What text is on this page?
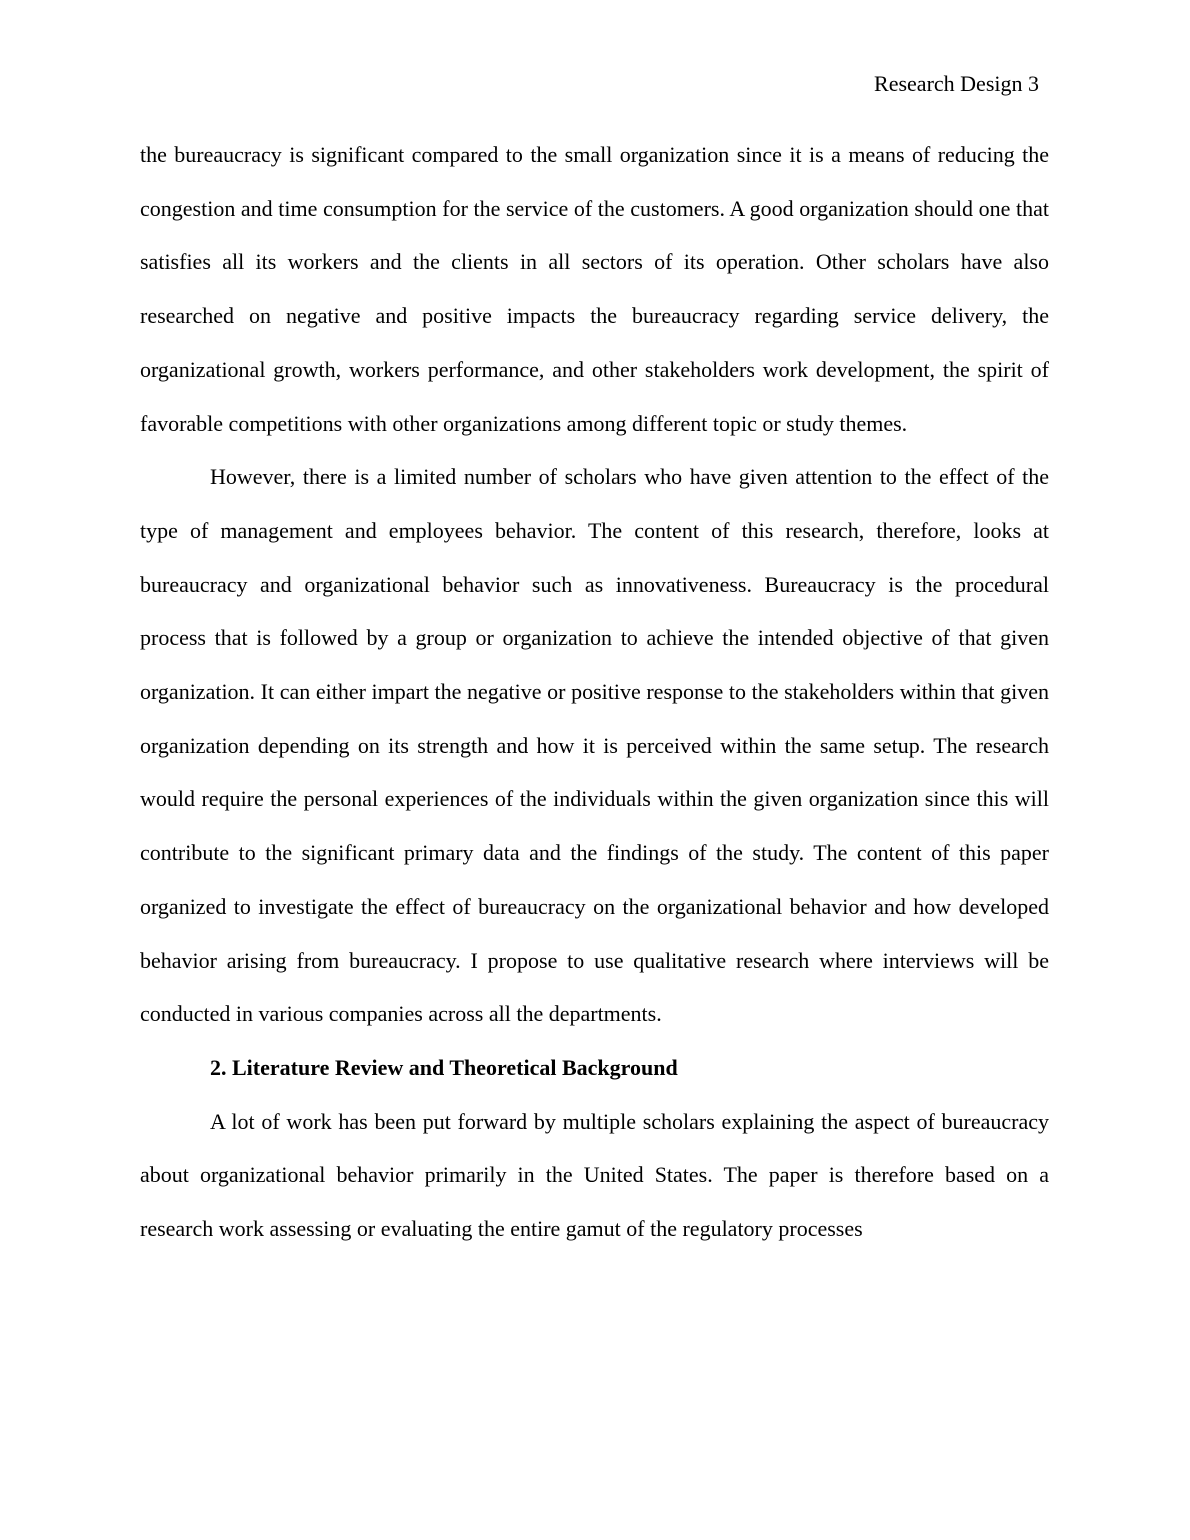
Research Design 3

the bureaucracy is significant compared to the small organization since it is a means of reducing the congestion and time consumption for the service of the customers. A good organization should one that satisfies all its workers and the clients in all sectors of its operation. Other scholars have also researched on negative and positive impacts the bureaucracy regarding service delivery, the organizational growth, workers performance, and other stakeholders work development, the spirit of favorable competitions with other organizations among different topic or study themes.

However, there is a limited number of scholars who have given attention to the effect of the type of management and employees behavior. The content of this research, therefore, looks at bureaucracy and organizational behavior such as innovativeness. Bureaucracy is the procedural process that is followed by a group or organization to achieve the intended objective of that given organization. It can either impart the negative or positive response to the stakeholders within that given organization depending on its strength and how it is perceived within the same setup. The research would require the personal experiences of the individuals within the given organization since this will contribute to the significant primary data and the findings of the study. The content of this paper organized to investigate the effect of bureaucracy on the organizational behavior and how developed behavior arising from bureaucracy. I propose to use qualitative research where interviews will be conducted in various companies across all the departments.

2. Literature Review and Theoretical Background

A lot of work has been put forward by multiple scholars explaining the aspect of bureaucracy about organizational behavior primarily in the United States. The paper is therefore based on a research work assessing or evaluating the entire gamut of the regulatory processes
